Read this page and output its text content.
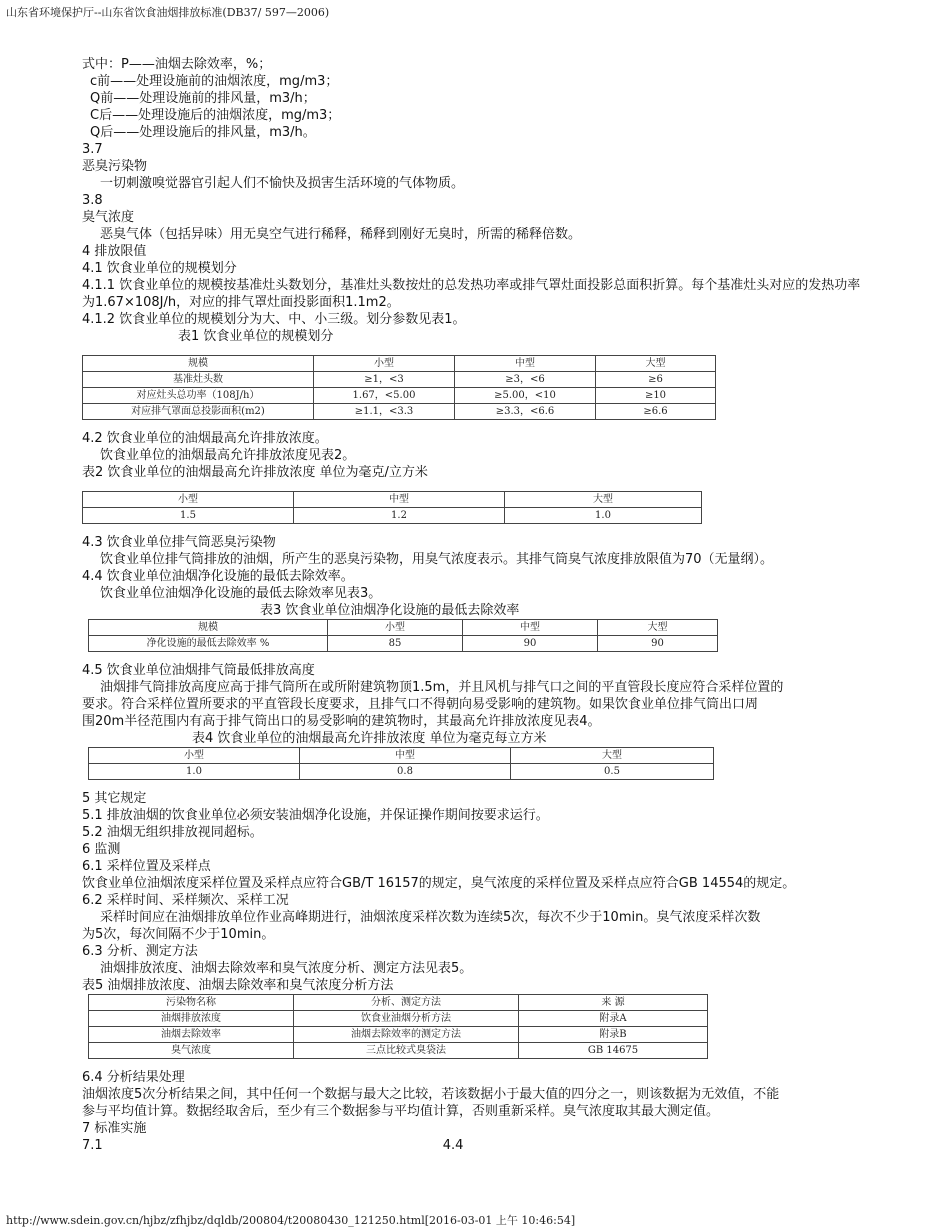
山东省环境保护厅--山东省饮食油烟排放标准(DB37/ 597—2006)

式中：P——油烟去除效率，%；

c前——处理设施前的油烟浓度，mg/m3；

Q前——处理设施前的排风量，m3/h；

C后——处理设施后的油烟浓度，mg/m3；

Q后——处理设施后的排风量，m3/h。

3.7

恶臭污染物

一切刺激嗅觉器官引起人们不愉快及损害生活环境的气体物质。

3.8

臭气浓度

恶臭气体（包括异味）用无臭空气进行稀释，稀释到刚好无臭时，所需的稀释倍数。

4 排放限值

4.1 饮食业单位的规模划分

4.1.1 饮食业单位的规模按基准灶头数划分，基准灶头数按灶的总发热功率或排气罩灶面投影总面积折算。每个基准灶头对应的发热功率为1.67×108J/h，对应的排气罩灶面投影面积1.1m2。

4.1.2 饮食业单位的规模划分为大、中、小三级。划分参数见表1。

表1 饮食业单位的规模划分

规模	小型	中型	大型
基准灶头数	≥1，<3	≥3，<6	≥6
对应灶头总功率（108J/h）	1.67，<5.00	≥5.00，<10	≥10
对应排气罩面总投影面积(m2)	≥1.1，<3.3	≥3.3，<6.6	≥6.6

4.2 饮食业单位的油烟最高允许排放浓度。

饮食业单位的油烟最高允许排放浓度见表2。

表2 饮食业单位的油烟最高允许排放浓度 单位为毫克/立方米

小型	中型	大型
1.5	1.2	1.0

4.3 饮食业单位排气筒恶臭污染物

饮食业单位排气筒排放的油烟，所产生的恶臭污染物，用臭气浓度表示。其排气筒臭气浓度排放限值为70（无量纲）。

4.4 饮食业单位油烟净化设施的最低去除效率。

饮食业单位油烟净化设施的最低去除效率见表3。

表3 饮食业单位油烟净化设施的最低去除效率

规模	小型	中型	大型
净化设施的最低去除效率 %	85	90	90

4.5 饮食业单位油烟排气筒最低排放高度

油烟排气筒排放高度应高于排气筒所在或所附建筑物顶1.5m，并且风机与排气口之间的平直管段长度应符合采样位置的

要求。符合采样位置所要求的平直管段长度要求，且排气口不得朝向易受影响的建筑物。如果饮食业单位排气筒出口周

围20m半径范围内有高于排气筒出口的易受影响的建筑物时，其最高允许排放浓度见表4。

表4 饮食业单位的油烟最高允许排放浓度 单位为毫克每立方米

小型	中型	大型
1.0	0.8	0.5

5 其它规定

5.1 排放油烟的饮食业单位必须安装油烟净化设施，并保证操作期间按要求运行。

5.2 油烟无组织排放视同超标。

6 监测

6.1 采样位置及采样点

饮食业单位油烟浓度采样位置及采样点应符合GB/T 16157的规定，臭气浓度的采样位置及采样点应符合GB 14554的规定。

6.2 采样时间、采样频次、采样工况

采样时间应在油烟排放单位作业高峰期进行，油烟浓度采样次数为连续5次，每次不少于10min。臭气浓度采样次数

为5次，每次间隔不少于10min。

6.3 分析、测定方法

油烟排放浓度、油烟去除效率和臭气浓度分析、测定方法见表5。

表5 油烟排放浓度、油烟去除效率和臭气浓度分析方法

污染物名称	分析、测定方法	来 源
油烟排放浓度	饮食业油烟分析方法	附录A
油烟去除效率	油烟去除效率的测定方法	附录B
臭气浓度	三点比较式臭袋法	GB 14675

6.4 分析结果处理

油烟浓度5次分析结果之间，其中任何一个数据与最大之比较，若该数据小于最大值的四分之一，则该数据为无效值，不能

参与平均值计算。数据经取舍后，至少有三个数据参与平均值计算，否则重新采样。臭气浓度取其最大测定值。

7 标准实施

7.1	4.4

http://www.sdein.gov.cn/hjbz/zfhjbz/dqldb/200804/t20080430_121250.html[2016-03-01 上午 10:46:54]
